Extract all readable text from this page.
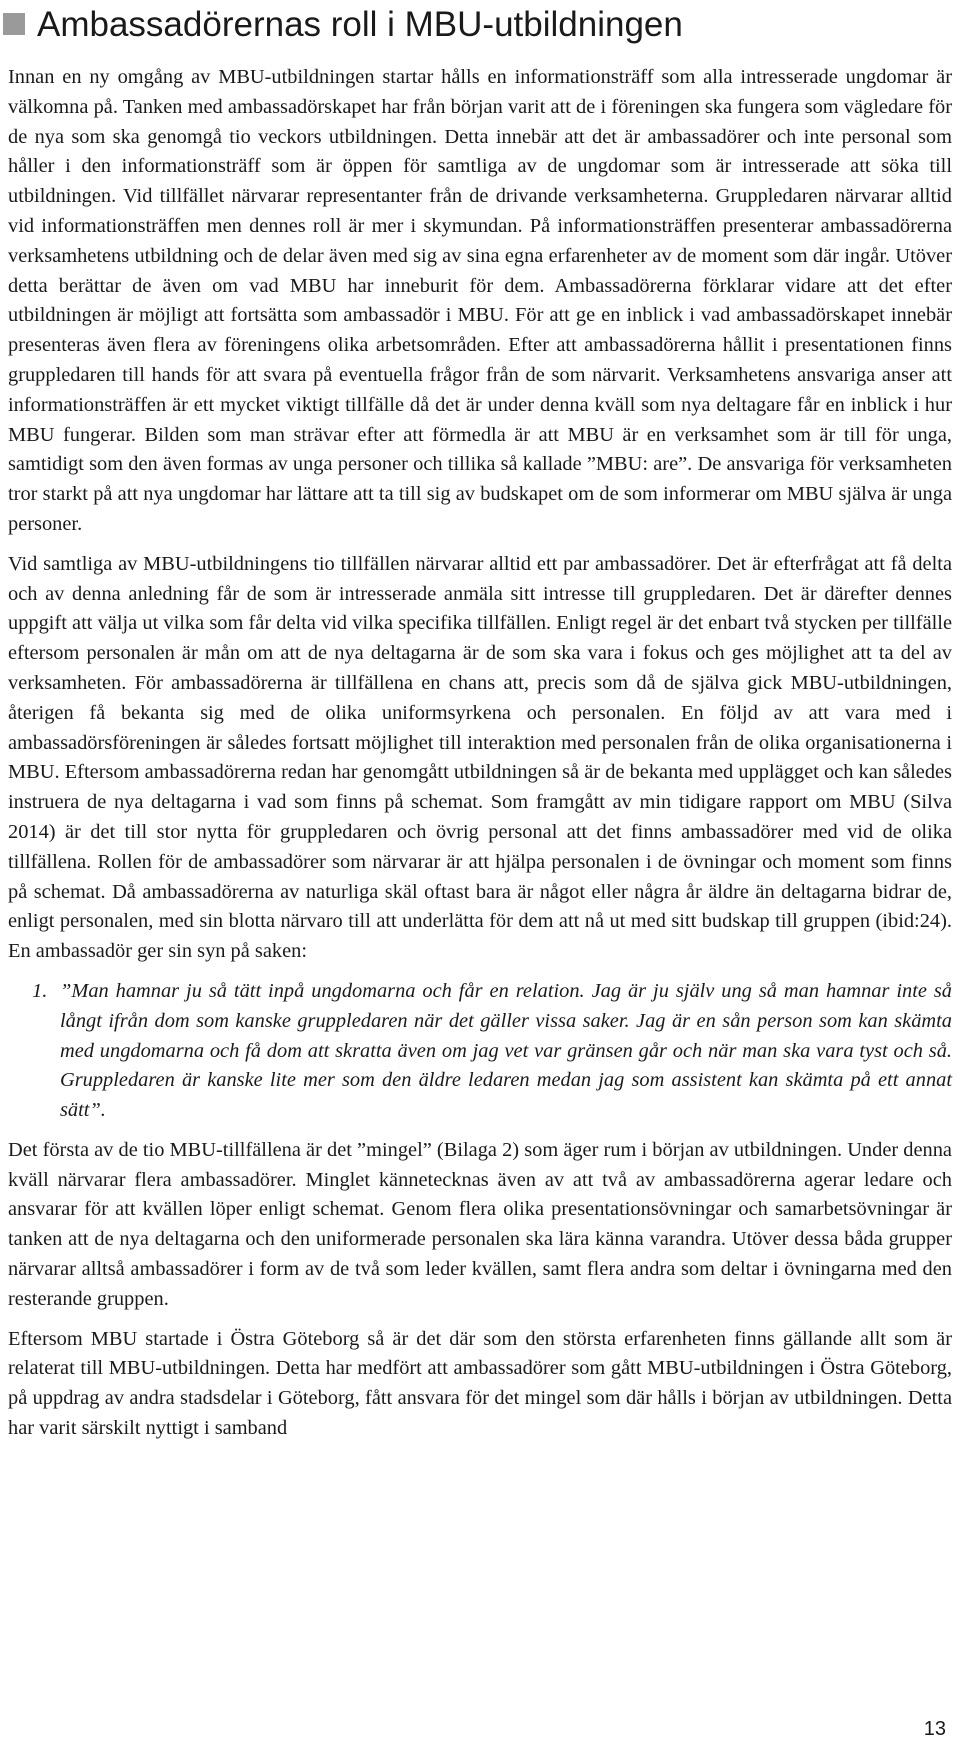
Ambassadörernas roll i MBU-utbildningen

Innan en ny omgång av MBU-utbildningen startar hålls en informationsträff som alla intresserade ungdomar är välkomna på. Tanken med ambassadörskapet har från början varit att de i föreningen ska fungera som vägledare för de nya som ska genomgå tio veckors utbildningen. Detta innebär att det är ambassadörer och inte personal som håller i den informationsträff som är öppen för samtliga av de ungdomar som är intresserade att söka till utbildningen. Vid tillfället närvarar representanter från de drivande verksamheterna. Gruppledaren närvarar alltid vid informationsträffen men dennes roll är mer i skymundan. På informationsträffen presenterar ambassadörerna verksamhetens utbildning och de delar även med sig av sina egna erfarenheter av de moment som där ingår. Utöver detta berättar de även om vad MBU har inneburit för dem. Ambassadörerna förklarar vidare att det efter utbildningen är möjligt att fortsätta som ambassadör i MBU. För att ge en inblick i vad ambassadörskapet innebär presenteras även flera av föreningens olika arbetsområden. Efter att ambassadörerna hållit i presentationen finns gruppledaren till hands för att svara på eventuella frågor från de som närvarit. Verksamhetens ansvariga anser att informationsträffen är ett mycket viktigt tillfälle då det är under denna kväll som nya deltagare får en inblick i hur MBU fungerar. Bilden som man strävar efter att förmedla är att MBU är en verksamhet som är till för unga, samtidigt som den även formas av unga personer och tillika så kallade ”MBU: are”. De ansvariga för verksamheten tror starkt på att nya ungdomar har lättare att ta till sig av budskapet om de som informerar om MBU själva är unga personer.

Vid samtliga av MBU-utbildningens tio tillfällen närvarar alltid ett par ambassadörer. Det är efterfrågat att få delta och av denna anledning får de som är intresserade anmäla sitt intresse till gruppledaren. Det är därefter dennes uppgift att välja ut vilka som får delta vid vilka specifika tillfällen. Enligt regel är det enbart två stycken per tillfälle eftersom personalen är mån om att de nya deltagarna är de som ska vara i fokus och ges möjlighet att ta del av verksamheten. För ambassadörerna är tillfällena en chans att, precis som då de själva gick MBU-utbildningen, återigen få bekanta sig med de olika uniformsyrkena och personalen. En följd av att vara med i ambassadörsföreningen är således fortsatt möjlighet till interaktion med personalen från de olika organisationerna i MBU. Eftersom ambassadörerna redan har genomgått utbildningen så är de bekanta med upplägget och kan således instruera de nya deltagarna i vad som finns på schemat. Som framgått av min tidigare rapport om MBU (Silva 2014) är det till stor nytta för gruppledaren och övrig personal att det finns ambassadörer med vid de olika tillfällena. Rollen för de ambassadörer som närvarar är att hjälpa personalen i de övningar och moment som finns på schemat. Då ambassadörerna av naturliga skäl oftast bara är något eller några år äldre än deltagarna bidrar de, enligt personalen, med sin blotta närvaro till att underlätta för dem att nå ut med sitt budskap till gruppen (ibid:24). En ambassadör ger sin syn på saken:

1. ”Man hamnar ju så tätt inpå ungdomarna och får en relation. Jag är ju själv ung så man hamnar inte så långt ifrån dom som kanske gruppledaren när det gäller vissa saker. Jag är en sån person som kan skämta med ungdomarna och få dom att skratta även om jag vet var gränsen går och när man ska vara tyst och så. Gruppledaren är kanske lite mer som den äldre ledaren medan jag som assistent kan skämta på ett annat sätt”.

Det första av de tio MBU-tillfällena är det ”mingel” (Bilaga 2) som äger rum i början av utbildningen. Under denna kväll närvarar flera ambassadörer. Minglet kännetecknas även av att två av ambassadörerna agerar ledare och ansvarar för att kvällen löper enligt schemat. Genom flera olika presentationsövningar och samarbetsövningar är tanken att de nya deltagarna och den uniformerade personalen ska lära känna varandra. Utöver dessa båda grupper närvarar alltså ambassadörer i form av de två som leder kvällen, samt flera andra som deltar i övningarna med den resterande gruppen.

Eftersom MBU startade i Östra Göteborg så är det där som den största erfarenheten finns gällande allt som är relaterat till MBU-utbildningen. Detta har medfört att ambassadörer som gått MBU-utbildningen i Östra Göteborg, på uppdrag av andra stadsdelar i Göteborg, fått ansvara för det mingel som där hålls i början av utbildningen. Detta har varit särskilt nyttigt i samband

13
